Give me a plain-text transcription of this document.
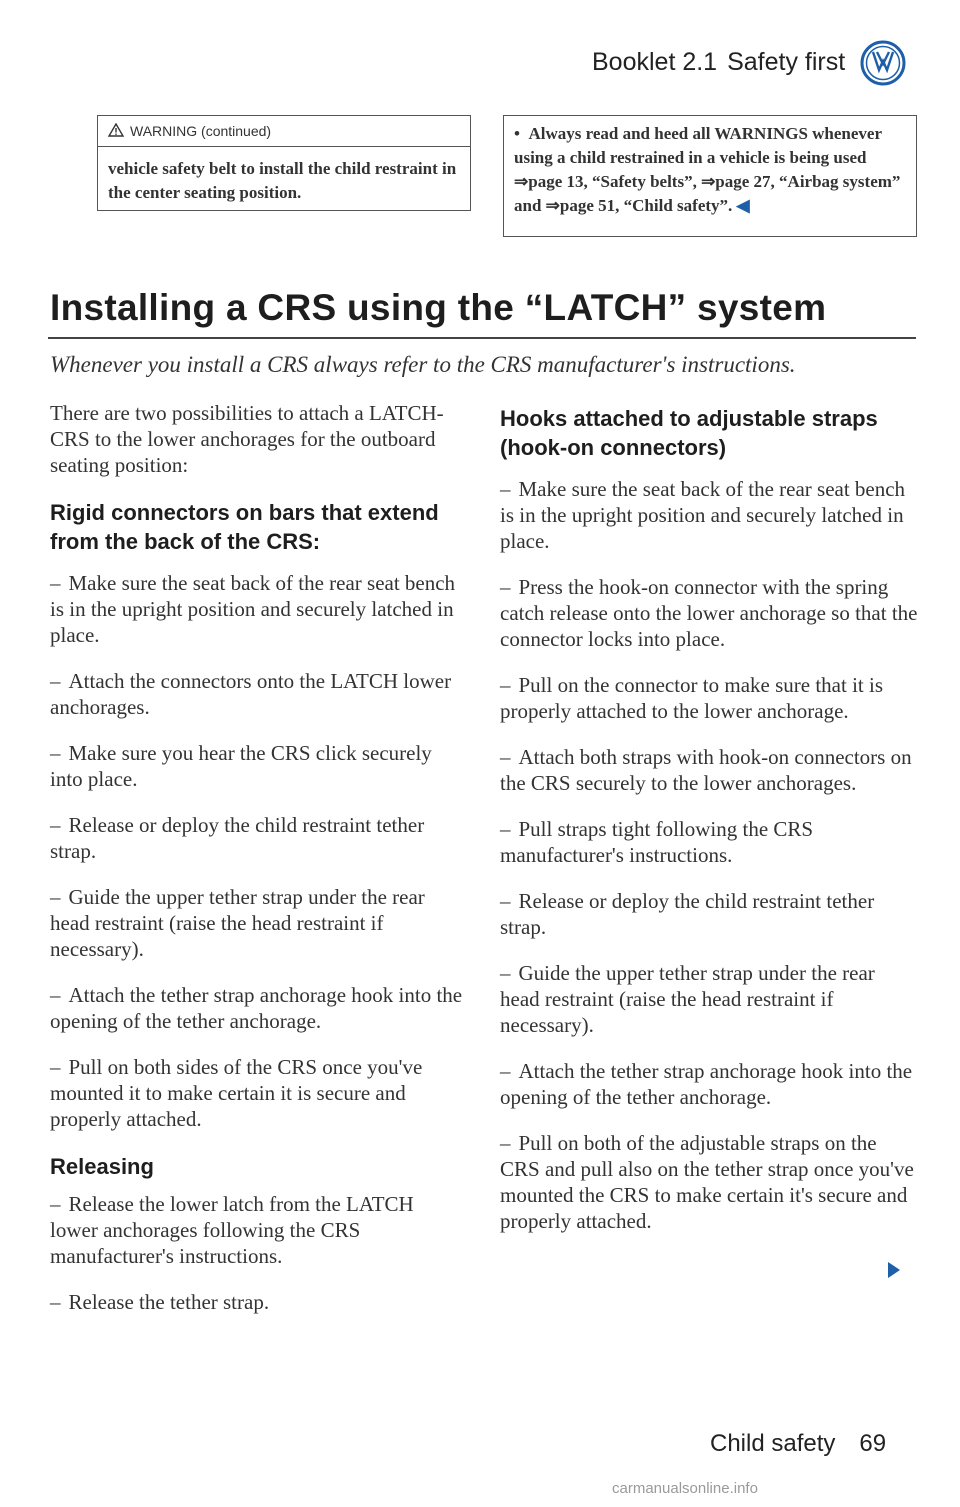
Booklet 2.1 Safety first
WARNING (continued)
vehicle safety belt to install the child restraint in the center seating position.
•  Always read and heed all WARNINGS whenever using a child restrained in a vehicle is being used ⇒page 13, “Safety belts”, ⇒page 27, “Airbag system” and ⇒page 51, “Child safety”. ◀
Installing a CRS using the “LATCH” system
Whenever you install a CRS always refer to the CRS manufacturer's instructions.

There are two possibilities to attach a LATCH-CRS to the lower anchorages for the outboard seating position:

Rigid connectors on bars that extend from the back of the CRS:

– Make sure the seat back of the rear seat bench is in the upright position and securely latched in place.

– Attach the connectors onto the LATCH lower anchorages.

– Make sure you hear the CRS click securely into place.

– Release or deploy the child restraint tether strap.

– Guide the upper tether strap under the rear head restraint (raise the head restraint if necessary).

– Attach the tether strap anchorage hook into the opening of the tether anchorage.

– Pull on both sides of the CRS once you've mounted it to make certain it is secure and properly attached.

Releasing

– Release the lower latch from the LATCH lower anchorages following the CRS manufacturer's instructions.

– Release the tether strap.

Hooks attached to adjustable straps (hook-on connectors)

– Make sure the seat back of the rear seat bench is in the upright position and securely latched in place.

– Press the hook-on connector with the spring catch release onto the lower anchorage so that the connector locks into place.

– Pull on the connector to make sure that it is properly attached to the lower anchorage.

– Attach both straps with hook-on connectors on the CRS securely to the lower anchorages.

– Pull straps tight following the CRS manufacturer's instructions.

– Release or deploy the child restraint tether strap.

– Guide the upper tether strap under the rear head restraint (raise the head restraint if necessary).

– Attach the tether strap anchorage hook into the opening of the tether anchorage.

– Pull on both of the adjustable straps on the CRS and pull also on the tether strap once you've mounted the CRS to make certain it's secure and properly attached.

Child safety 69
carmanualsonline.info
